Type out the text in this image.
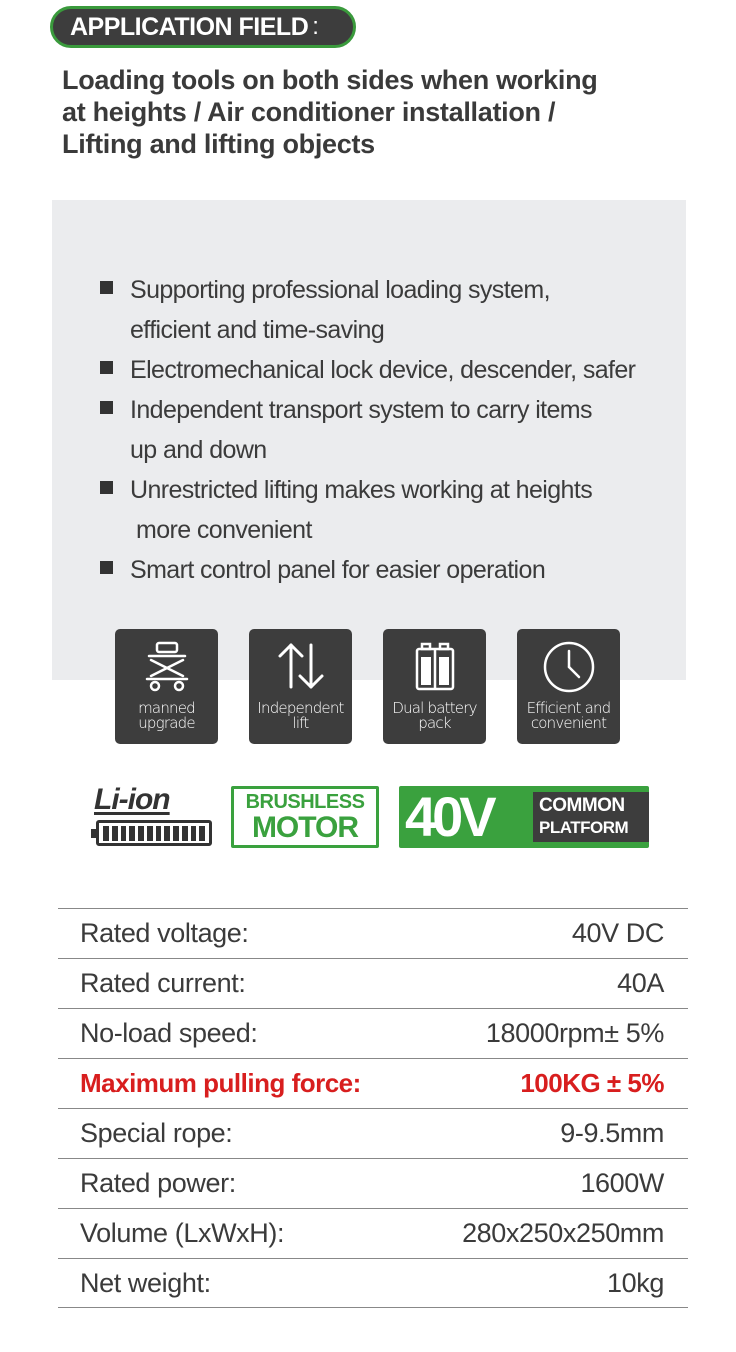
APPLICATION FIELD :
Loading tools on both sides when working
at heights / Air conditioner installation /
Lifting and lifting objects
Supporting professional loading system,
efficient and time-saving
Electromechanical lock device, descender, safer
Independent transport system to carry items
up and down
Unrestricted lifting makes working at heights
more convenient
Smart control panel for easier operation
manned
upgrade
Independent
lift
Dual battery
pack
Efficient and
convenient
Li-ion	BRUSHLESS
MOTOR 40V	COMMON
PLATFORM
Rated voltage:	40V DC
Rated current:	40A
No-load speed:	18000rpm± 5%
Maximum pulling force:	100KG ± 5%
Special rope:	9-9.5mm
Rated power:	1600W
Volume (LxWxH):	280x250x250mm
Net weight:	10kg
